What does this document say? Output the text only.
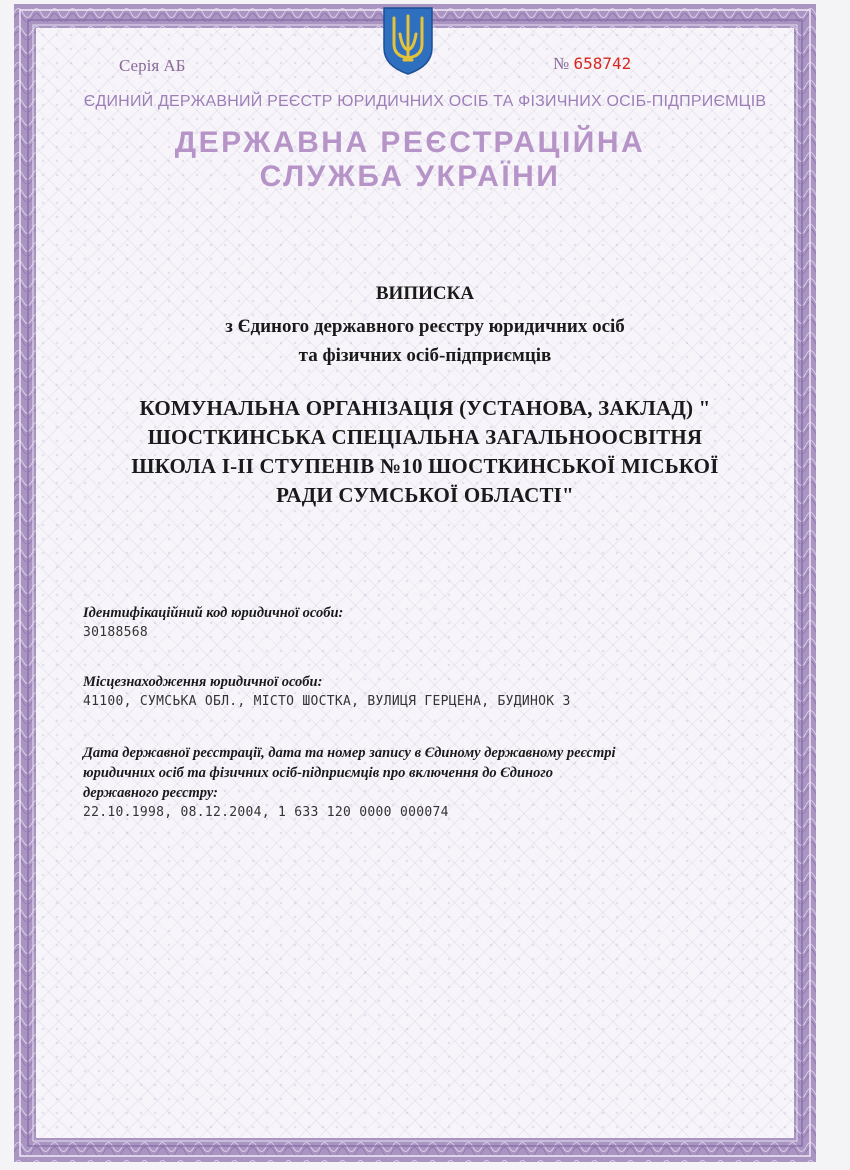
Серія АБ	№ 658742
ЄДИНИЙ ДЕРЖАВНИЙ РЕЄСТР ЮРИДИЧНИХ ОСІБ ТА ФІЗИЧНИХ ОСІБ-ПІДПРИЄМЦІВ
ДЕРЖАВНА РЕЄСТРАЦІЙНА
СЛУЖБА УКРАЇНИ
ВИПИСКА
з Єдиного державного реєстру юридичних осіб
та фізичних осіб-підприємців
КОМУНАЛЬНА ОРГАНІЗАЦІЯ (УСТАНОВА, ЗАКЛАД) "
ШОСТКИНСЬКА СПЕЦІАЛЬНА ЗАГАЛЬНООСВІТНЯ
ШКОЛА І-ІІ СТУПЕНІВ №10 ШОСТКИНСЬКОЇ МІСЬКОЇ
РАДИ СУМСЬКОЇ ОБЛАСТІ"
Ідентифікаційний код юридичної особи:
30188568
Місцезнаходження юридичної особи:
41100, СУМСЬКА ОБЛ., МІСТО ШОСТКА, ВУЛИЦЯ ГЕРЦЕНА, БУДИНОК 3
Дата державної реєстрації, дата та номер запису в Єдиному державному реєстрі
юридичних осіб та фізичних осіб-підприємців про включення до Єдиного
державного реєстру:
22.10.1998, 08.12.2004, 1 633 120 0000 000074
